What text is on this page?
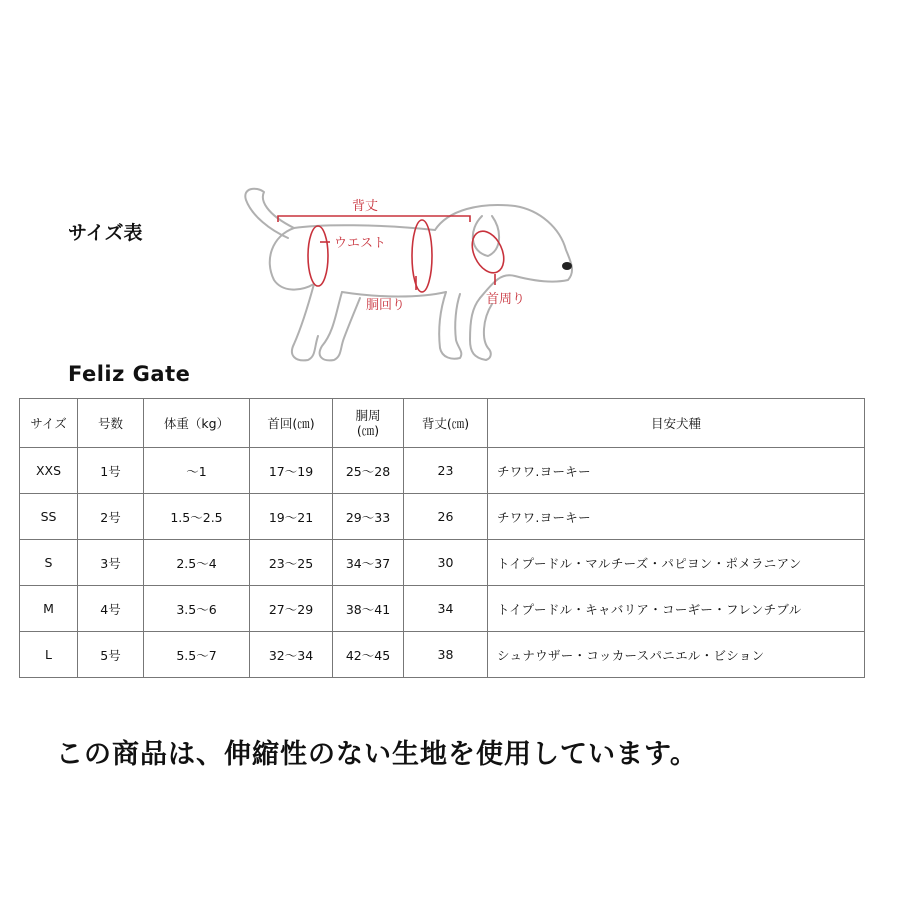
サイズ表
背丈
ウエスト
胴回り	首周り
Feliz Gate
サイズ	号数	体重（kg）	首回(㎝)	胴周
(㎝)	背丈(㎝)	目安犬種
XXS	1号	～1	17～19	25～28	23	チワワ.ヨーキー
SS	2号	1.5～2.5	19～21	29～33	26	チワワ.ヨーキー
S	3号	2.5～4	23～25	34～37	30	トイプードル・マルチーズ・パピヨン・ポメラニアン
M	4号	3.5～6	27～29	38～41	34	トイプードル・キャバリア・コーギー・フレンチブル
L	5号	5.5～7	32～34	42～45	38	シュナウザー・コッカースパニエル・ビション
この商品は、伸縮性のない生地を使用しています。
